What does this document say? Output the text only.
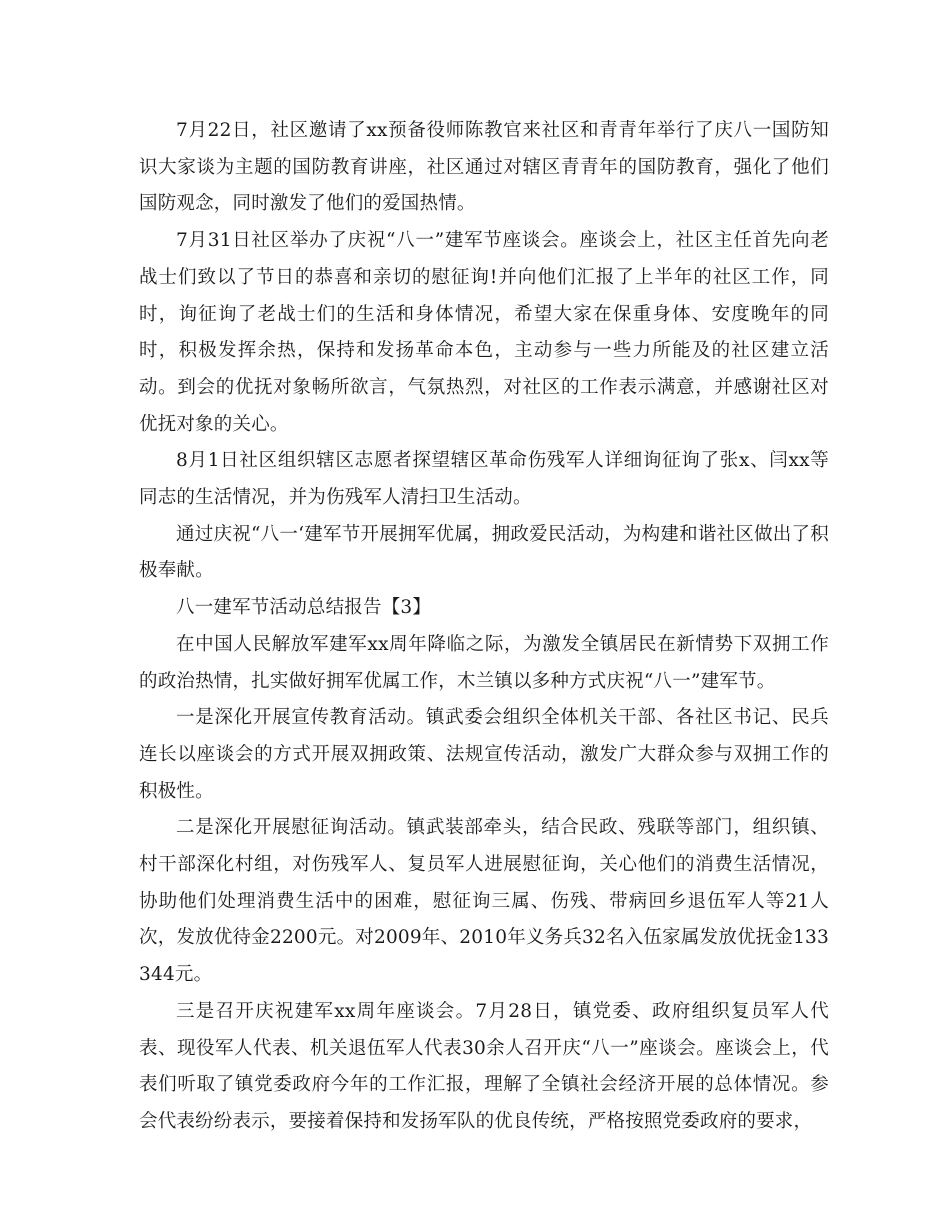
7月22日，社区邀请了xx预备役师陈教官来社区和青青年举行了庆八一国防知识大家谈为主题的国防教育讲座，社区通过对辖区青青年的国防教育，强化了他们国防观念，同时激发了他们的爱国热情。

7月31日社区举办了庆祝“八一”建军节座谈会。座谈会上，社区主任首先向老战士们致以了节日的恭喜和亲切的慰征询!并向他们汇报了上半年的社区工作，同时，询征询了老战士们的生活和身体情况，希望大家在保重身体、安度晚年的同时，积极发挥余热，保持和发扬革命本色，主动参与一些力所能及的社区建立活动。到会的优抚对象畅所欲言，气氛热烈，对社区的工作表示满意，并感谢社区对优抚对象的关心。

8月1日社区组织辖区志愿者探望辖区革命伤残军人详细询征询了张x、闫xx等同志的生活情况，并为伤残军人清扫卫生活动。

通过庆祝“八一‘建军节开展拥军优属，拥政爱民活动，为构建和谐社区做出了积极奉献。

八一建军节活动总结报告【3】

在中国人民解放军建军xx周年降临之际，为激发全镇居民在新情势下双拥工作的政治热情，扎实做好拥军优属工作，木兰镇以多种方式庆祝“八一”建军节。

一是深化开展宣传教育活动。镇武委会组织全体机关干部、各社区书记、民兵连长以座谈会的方式开展双拥政策、法规宣传活动，激发广大群众参与双拥工作的积极性。

二是深化开展慰征询活动。镇武装部牵头，结合民政、残联等部门，组织镇、村干部深化村组，对伤残军人、复员军人进展慰征询，关心他们的消费生活情况，协助他们处理消费生活中的困难，慰征询三属、伤残、带病回乡退伍军人等21人次，发放优待金2200元。对2009年、2010年义务兵32名入伍家属发放优抚金133344元。

三是召开庆祝建军xx周年座谈会。7月28日，镇党委、政府组织复员军人代表、现役军人代表、机关退伍军人代表30余人召开庆“八一”座谈会。座谈会上，代表们听取了镇党委政府今年的工作汇报，理解了全镇社会经济开展的总体情况。参会代表纷纷表示，要接着保持和发扬军队的优良传统，严格按照党委政府的要求，
